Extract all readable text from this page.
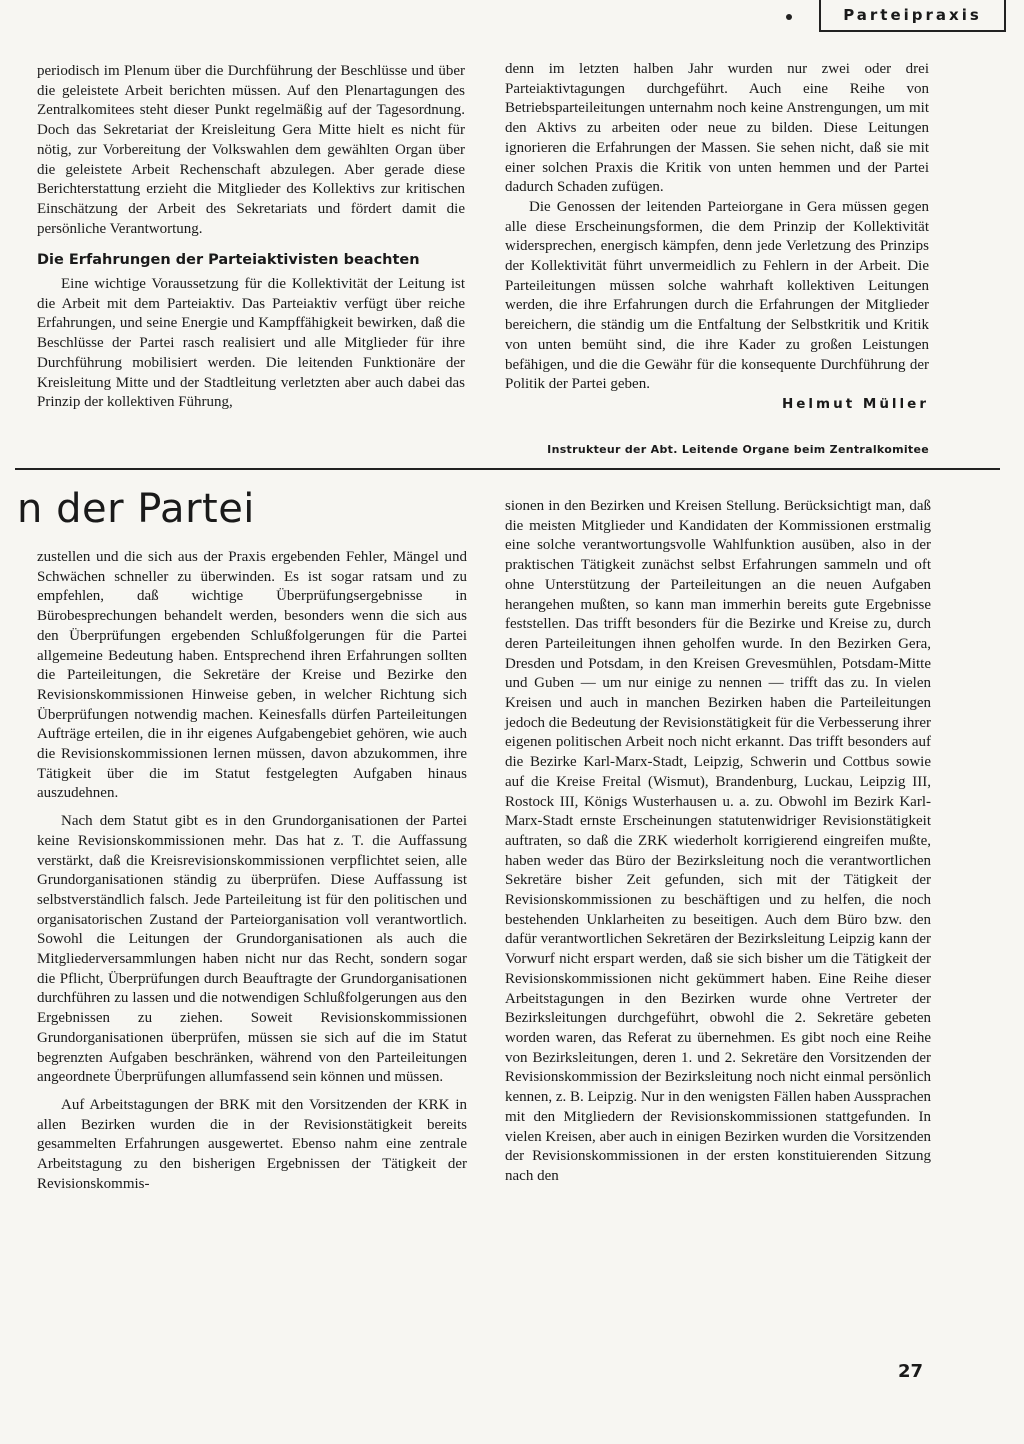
Parteipraxis

periodisch im Plenum über die Durchführung der Beschlüsse und über die geleistete Arbeit berichten müssen. Auf den Plenartagungen des Zentralkomitees steht dieser Punkt regelmäßig auf der Tagesordnung. Doch das Sekretariat der Kreisleitung Gera Mitte hielt es nicht für nötig, zur Vorbereitung der Volkswahlen dem gewählten Organ über die geleistete Arbeit Rechenschaft abzulegen. Aber gerade diese Berichterstattung erzieht die Mitglieder des Kollektivs zur kritischen Einschätzung der Arbeit des Sekretariats und fördert damit die persönliche Verantwortung.

Die Erfahrungen der Parteiaktivisten beachten

Eine wichtige Voraussetzung für die Kollektivität der Leitung ist die Arbeit mit dem Parteiaktiv. Das Parteiaktiv verfügt über reiche Erfahrungen, und seine Energie und Kampffähigkeit bewirken, daß die Beschlüsse der Partei rasch realisiert und alle Mitglieder für ihre Durchführung mobilisiert werden. Die leitenden Funktionäre der Kreisleitung Mitte und der Stadtleitung verletzten aber auch dabei das Prinzip der kollektiven Führung,

denn im letzten halben Jahr wurden nur zwei oder drei Parteiaktivtagungen durchgeführt. Auch eine Reihe von Betriebsparteileitungen unternahm noch keine Anstrengungen, um mit den Aktivs zu arbeiten oder neue zu bilden. Diese Leitungen ignorieren die Erfahrungen der Massen. Sie sehen nicht, daß sie mit einer solchen Praxis die Kritik von unten hemmen und der Partei dadurch Schaden zufügen.

Die Genossen der leitenden Parteiorgane in Gera müssen gegen alle diese Erscheinungsformen, die dem Prinzip der Kollektivität widersprechen, energisch kämpfen, denn jede Verletzung des Prinzips der Kollektivität führt unvermeidlich zu Fehlern in der Arbeit. Die Parteileitungen müssen solche wahrhaft kollektiven Leitungen werden, die ihre Erfahrungen durch die Erfahrungen der Mitglieder bereichern, die ständig um die Entfaltung der Selbstkritik und Kritik von unten bemüht sind, die ihre Kader zu großen Leistungen befähigen, und die die Gewähr für die konsequente Durchführung der Politik der Partei geben.

Helmut Müller

Instrukteur der Abt. Leitende Organe beim Zentralkomitee
n der Partei

zustellen und die sich aus der Praxis ergebenden Fehler, Mängel und Schwächen schneller zu überwinden. Es ist sogar ratsam und zu empfehlen, daß wichtige Überprüfungsergebnisse in Bürobesprechungen behandelt werden, besonders wenn die sich aus den Überprüfungen ergebenden Schlußfolgerungen für die Partei allgemeine Bedeutung haben. Entsprechend ihren Erfahrungen sollten die Parteileitungen, die Sekretäre der Kreise und Bezirke den Revisionskommissionen Hinweise geben, in welcher Richtung sich Überprüfungen notwendig machen. Keinesfalls dürfen Parteileitungen Aufträge erteilen, die in ihr eigenes Aufgabengebiet gehören, wie auch die Revisionskommissionen lernen müssen, davon abzukommen, ihre Tätigkeit über die im Statut festgelegten Aufgaben hinaus auszudehnen.

Nach dem Statut gibt es in den Grundorganisationen der Partei keine Revisionskommissionen mehr. Das hat z. T. die Auffassung verstärkt, daß die Kreisrevisionskommissionen verpflichtet seien, alle Grundorganisationen ständig zu überprüfen. Diese Auffassung ist selbstverständlich falsch. Jede Parteileitung ist für den politischen und organisatorischen Zustand der Parteiorganisation voll verantwortlich. Sowohl die Leitungen der Grundorganisationen als auch die Mitgliederversammlungen haben nicht nur das Recht, sondern sogar die Pflicht, Überprüfungen durch Beauftragte der Grundorganisationen durchführen zu lassen und die notwendigen Schlußfolgerungen aus den Ergebnissen zu ziehen. Soweit Revisionskommissionen Grundorganisationen überprüfen, müssen sie sich auf die im Statut begrenzten Aufgaben beschränken, während von den Parteileitungen angeordnete Überprüfungen allumfassend sein können und müssen.

Auf Arbeitstagungen der BRK mit den Vorsitzenden der KRK in allen Bezirken wurden die in der Revisionstätigkeit bereits gesammelten Erfahrungen ausgewertet. Ebenso nahm eine zentrale Arbeitstagung zu den bisherigen Ergebnissen der Tätigkeit der Revisionskommis-

sionen in den Bezirken und Kreisen Stellung. Berücksichtigt man, daß die meisten Mitglieder und Kandidaten der Kommissionen erstmalig eine solche verantwortungsvolle Wahlfunktion ausüben, also in der praktischen Tätigkeit zunächst selbst Erfahrungen sammeln und oft ohne Unterstützung der Parteileitungen an die neuen Aufgaben herangehen mußten, so kann man immerhin bereits gute Ergebnisse feststellen. Das trifft besonders für die Bezirke und Kreise zu, durch deren Parteileitungen ihnen geholfen wurde. In den Bezirken Gera, Dresden und Potsdam, in den Kreisen Grevesmühlen, Potsdam-Mitte und Guben — um nur einige zu nennen — trifft das zu. In vielen Kreisen und auch in manchen Bezirken haben die Parteileitungen jedoch die Bedeutung der Revisionstätigkeit für die Verbesserung ihrer eigenen politischen Arbeit noch nicht erkannt. Das trifft besonders auf die Bezirke Karl-Marx-Stadt, Leipzig, Schwerin und Cottbus sowie auf die Kreise Freital (Wismut), Brandenburg, Luckau, Leipzig III, Rostock III, Königs Wusterhausen u. a. zu. Obwohl im Bezirk Karl-Marx-Stadt ernste Erscheinungen statutenwidriger Revisionstätigkeit auftraten, so daß die ZRK wiederholt korrigierend eingreifen mußte, haben weder das Büro der Bezirksleitung noch die verantwortlichen Sekretäre bisher Zeit gefunden, sich mit der Tätigkeit der Revisionskommissionen zu beschäftigen und zu helfen, die noch bestehenden Unklarheiten zu beseitigen. Auch dem Büro bzw. den dafür verantwortlichen Sekretären der Bezirksleitung Leipzig kann der Vorwurf nicht erspart werden, daß sie sich bisher um die Tätigkeit der Revisionskommissionen nicht gekümmert haben. Eine Reihe dieser Arbeitstagungen in den Bezirken wurde ohne Vertreter der Bezirksleitungen durchgeführt, obwohl die 2. Sekretäre gebeten worden waren, das Referat zu übernehmen. Es gibt noch eine Reihe von Bezirksleitungen, deren 1. und 2. Sekretäre den Vorsitzenden der Revisionskommission der Bezirksleitung noch nicht einmal persönlich kennen, z. B. Leipzig. Nur in den wenigsten Fällen haben Aussprachen mit den Mitgliedern der Revisionskommissionen stattgefunden. In vielen Kreisen, aber auch in einigen Bezirken wurden die Vorsitzenden der Revisionskommissionen in der ersten konstituierenden Sitzung nach den

27
